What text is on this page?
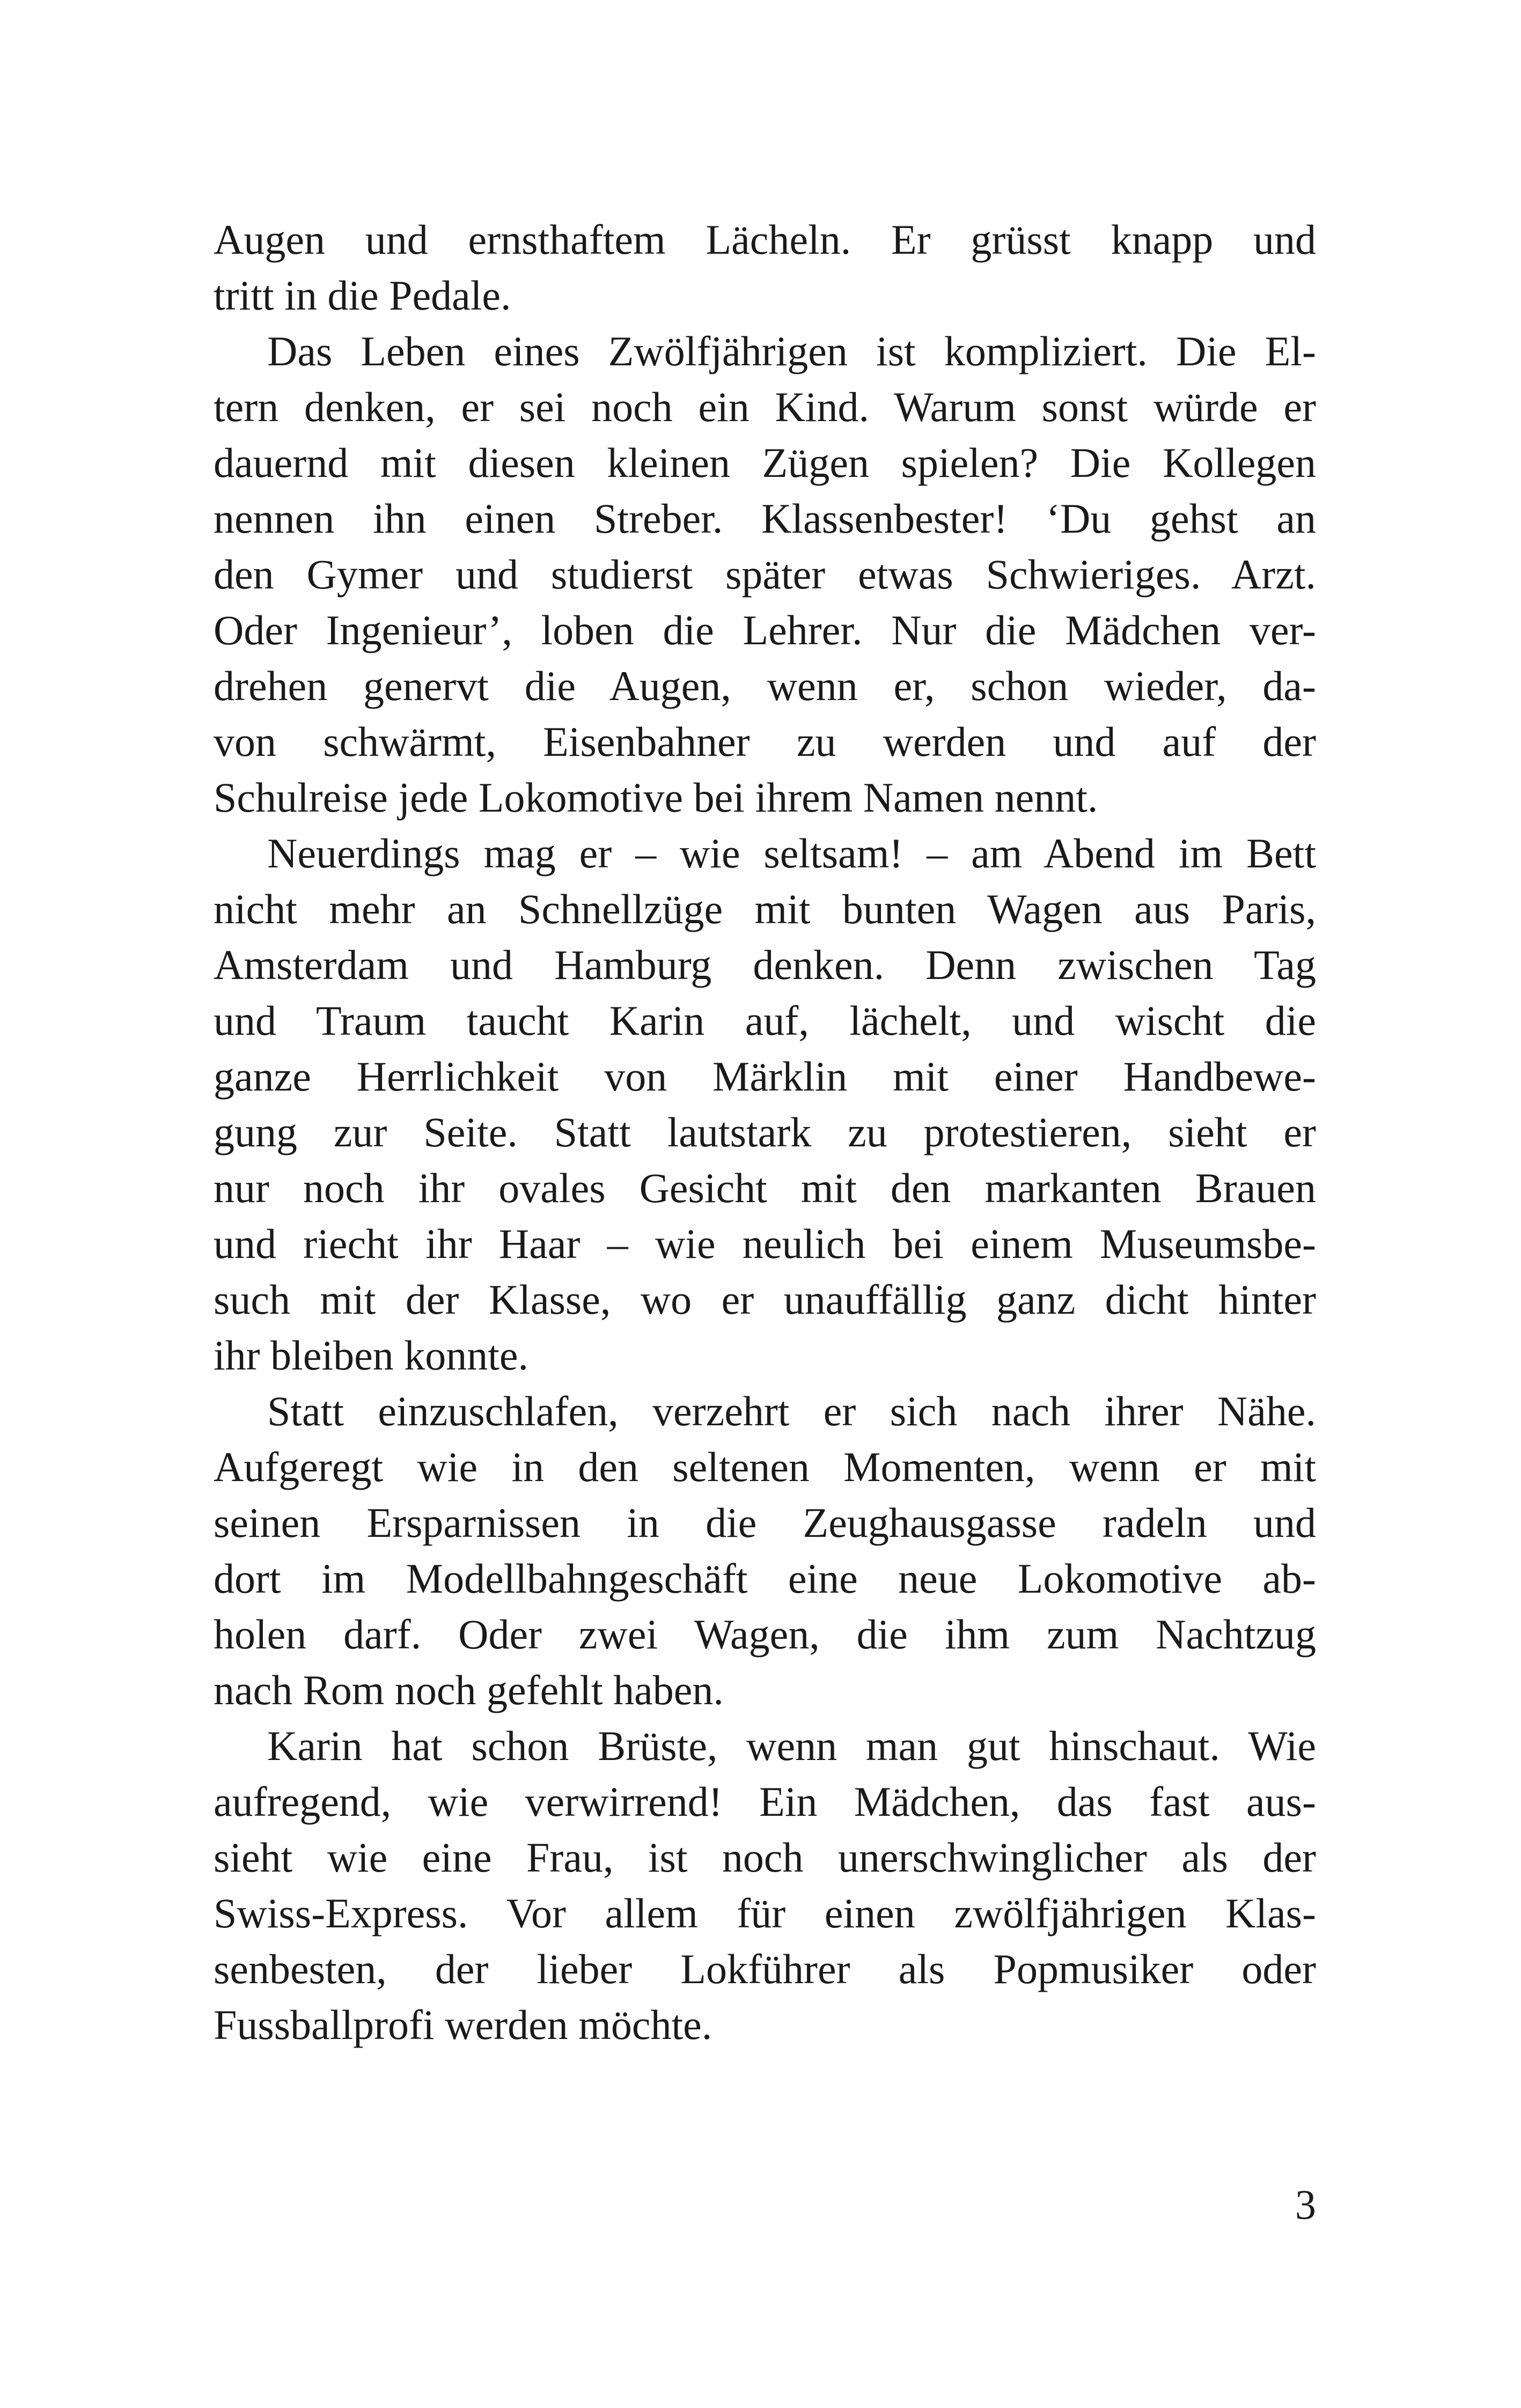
Augen und ernsthaftem Lächeln. Er grüsst knapp und
tritt in die Pedale.
Das Leben eines Zwölfjährigen ist kompliziert. Die El-
tern denken, er sei noch ein Kind. Warum sonst würde er
dauernd mit diesen kleinen Zügen spielen? Die Kollegen
nennen ihn einen Streber. Klassenbester! ‘Du gehst an
den Gymer und studierst später etwas Schwieriges. Arzt.
Oder Ingenieur’, loben die Lehrer. Nur die Mädchen ver-
drehen genervt die Augen, wenn er, schon wieder, da-
von schwärmt, Eisenbahner zu werden und auf der
Schulreise jede Lokomotive bei ihrem Namen nennt.
Neuerdings mag er – wie seltsam! – am Abend im Bett
nicht mehr an Schnellzüge mit bunten Wagen aus Paris,
Amsterdam und Hamburg denken. Denn zwischen Tag
und Traum taucht Karin auf, lächelt, und wischt die
ganze Herrlichkeit von Märklin mit einer Handbewe-
gung zur Seite. Statt lautstark zu protestieren, sieht er
nur noch ihr ovales Gesicht mit den markanten Brauen
und riecht ihr Haar – wie neulich bei einem Museumsbe-
such mit der Klasse, wo er unauffällig ganz dicht hinter
ihr bleiben konnte.
Statt einzuschlafen, verzehrt er sich nach ihrer Nähe.
Aufgeregt wie in den seltenen Momenten, wenn er mit
seinen Ersparnissen in die Zeughausgasse radeln und
dort im Modellbahngeschäft eine neue Lokomotive ab-
holen darf. Oder zwei Wagen, die ihm zum Nachtzug
nach Rom noch gefehlt haben.
Karin hat schon Brüste, wenn man gut hinschaut. Wie
aufregend, wie verwirrend! Ein Mädchen, das fast aus-
sieht wie eine Frau, ist noch unerschwinglicher als der
Swiss-Express. Vor allem für einen zwölfjährigen Klas-
senbesten, der lieber Lokführer als Popmusiker oder
Fussballprofi werden möchte.
3
